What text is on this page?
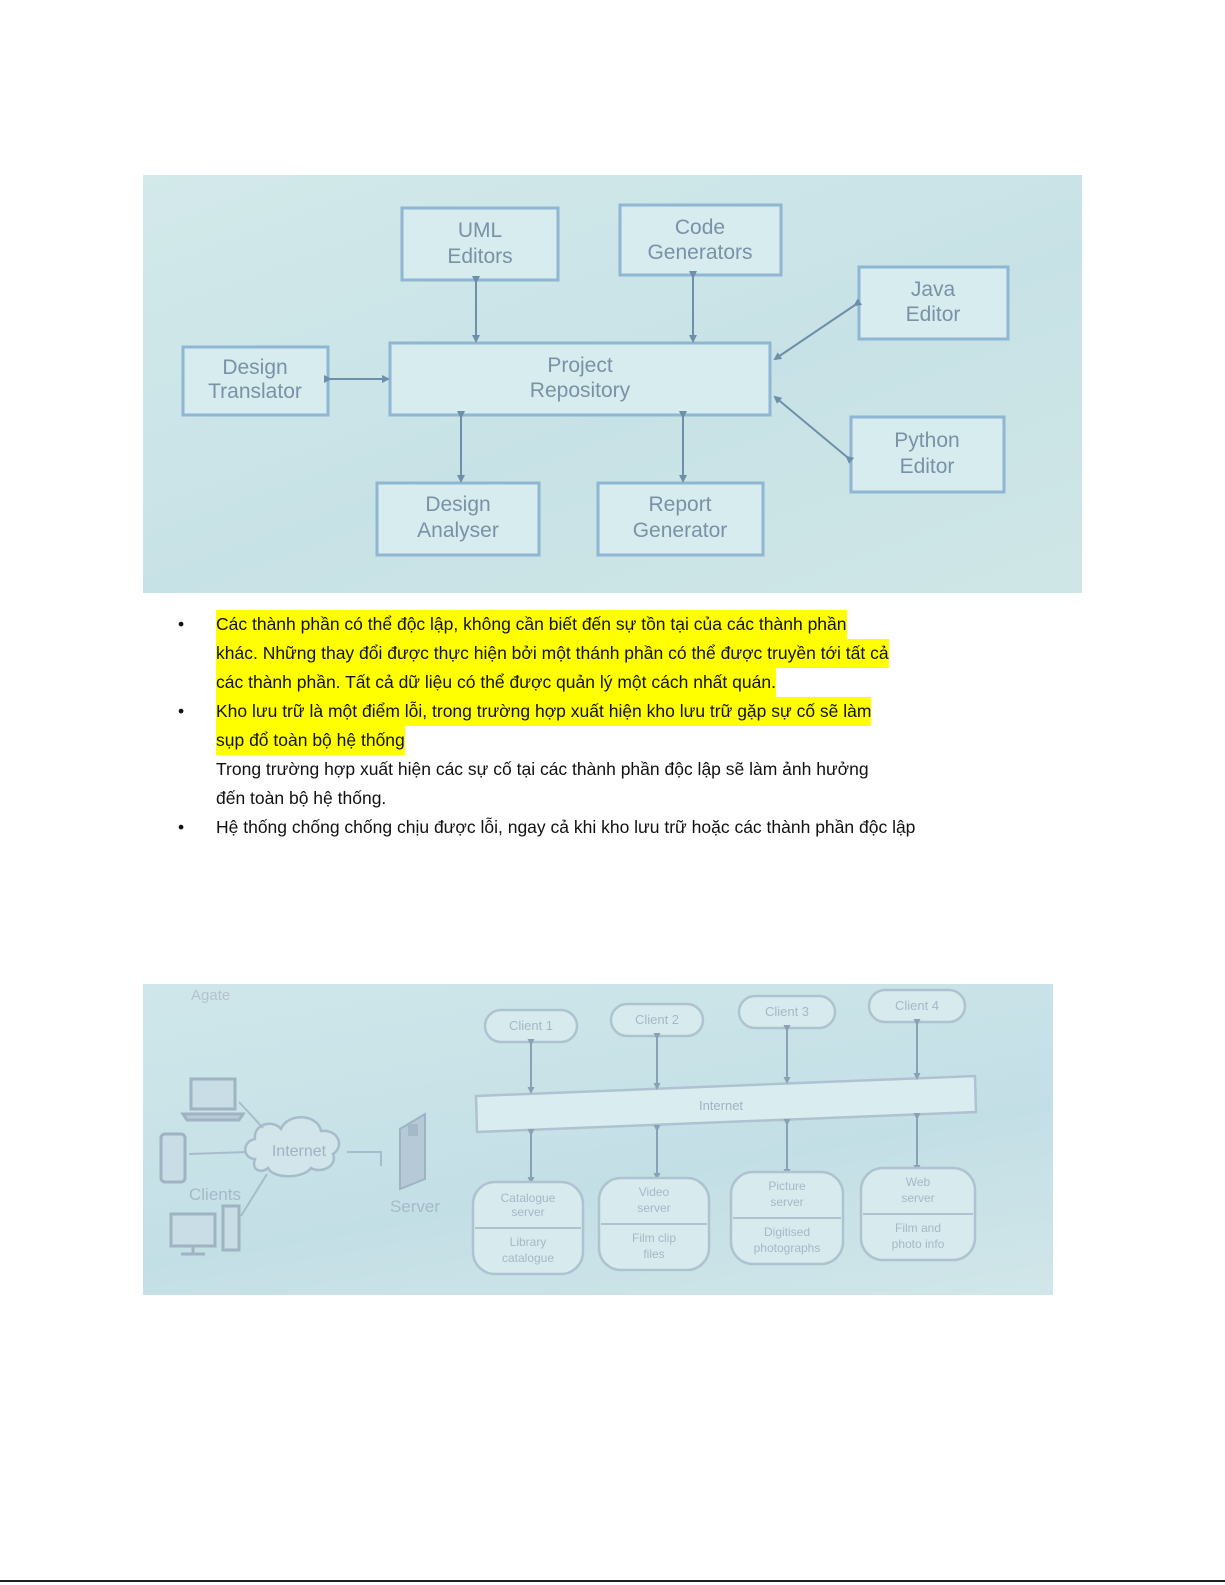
UML
Editors
Code
Generators
Java
Editor
Design
Translator
Project
Repository
Python
Editor
Design
Analyser
Report
Generator
• Các thành phần có thể độc lập, không cần biết đến sự tồn tại của các thành phần
khác. Những thay đổi được thực hiện bởi một thánh phần có thể được truyền tới tất cả
các thành phần. Tất cả dữ liệu có thể được quản lý một cách nhất quán.
• Kho lưu trữ là một điểm lỗi, trong trường hợp xuất hiện kho lưu trữ gặp sự cố sẽ làm
sụp đổ toàn bộ hệ thống
Trong trường hợp xuất hiện các sự cố tại các thành phần độc lập sẽ làm ảnh hưởng
đến toàn bộ hệ thống.
• Hệ thống chống chống chịu được lỗi, ngay cả khi kho lưu trữ hoặc các thành phần độc lập
Agate
Clients
Internet
Server
Client 1	Client 2
Client 3	Client 4
Internet
Catalogue
server
Library
catalogue
Video
server
Film clip
files
Picture
server
Digitised
photographs
Web
server
Film and
photo info
